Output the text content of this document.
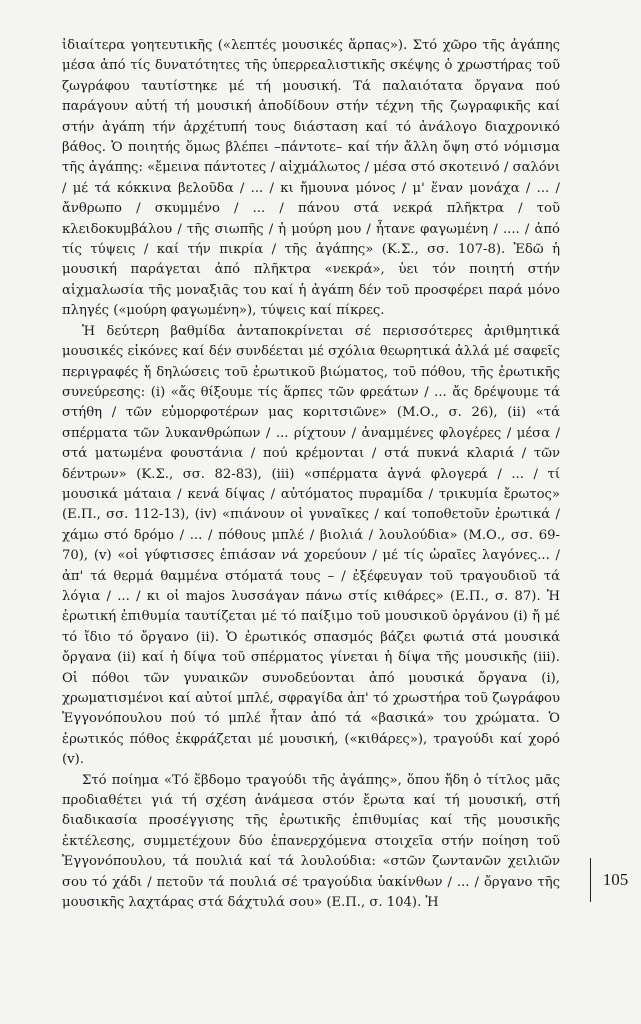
ἰδιαίτερα γοητευτικῆς («λεπτές μουσικές ἅρπας»). Στό χῶρο τῆς ἀγάπης μέσα ἀπό τίς δυνατότητες τῆς ὑπερρεαλιστικῆς σκέψης ὁ χρωστήρας τοῦ ζωγράφου ταυτίστηκε μέ τή μουσική. Τά παλαιότατα ὄργανα πού παράγουν αὐτή τή μουσική ἀποδίδουν στήν τέχνη τῆς ζωγραφικῆς καί στήν ἀγάπη τήν ἀρχέτυπή τους διάσταση καί τό ἀνάλογο διαχρονικό βάθος. Ὁ ποιητής ὅμως βλέπει –πάντοτε– καί τήν ἄλλη ὄψη στό νόμισμα τῆς ἀγάπης: «ἔμεινα πάντοτες / αἰχμάλωτος / μέσα στό σκοτεινό / σαλόνι / μέ τά κόκκινα βελοῦδα / ... / κι ἤμουνα μόνος / μ' ἕναν μονάχα / ... / ἄνθρωπο / σκυμμένο / ... / πάνου στά νεκρά πλῆκτρα / τοῦ κλειδοκυμβάλου / τῆς σιωπῆς / ἡ μούρη μου / ἦτανε φαγωμένη / .... / ἀπό τίς τύψεις / καί τήν πικρία / τῆς ἀγάπης» (Κ.Σ., σσ. 107-8). Ἐδῶ ἡ μουσική παράγεται ἀπό πλῆκτρα «νεκρά», ὑει τόν ποιητή στήν αἰχμαλωσία τῆς μοναξιᾶς του καί ἡ ἀγάπη δέν τοῦ προσφέρει παρά μόνο πληγές («μούρη φαγωμένη»), τύψεις καί πίκρες.

Ἡ δεύτερη βαθμίδα ἀνταποκρίνεται σέ περισσότερες ἀριθμητικά μουσικές εἰκόνες καί δέν συνδέεται μέ σχόλια θεωρητικά ἀλλά μέ σαφεῖς περιγραφές ἤ δηλώσεις τοῦ ἐρωτικοῦ βιώματος, τοῦ πόθου, τῆς ἐρωτικῆς συνεύρεσης: (i) «ἄς θίξουμε τίς ἅρπες τῶν φρεάτων / ... ἄς δρέψουμε τά στήθη / τῶν εὐμορφοτέρων μας κοριτσιῶνε» (Μ.Ο., σ. 26), (ii) «τά σπέρματα τῶν λυκανθρώπων / ... ρίχτουν / ἀναμμένες φλογέρες / μέσα / στά ματωμένα φουστάνια / πού κρέμονται / στά πυκνά κλαριά / τῶν δέντρων» (Κ.Σ., σσ. 82-83), (iii) «σπέρματα ἁγνά φλογερά / ... / τί μουσικά μάταια / κενά δίψας / αὐτόματος πυραμίδα / τρικυμία ἔρωτος» (Ε.Π., σσ. 112-13), (iv) «πιάνουν οἱ γυναῖκες / καί τοποθετοῦν ἐρωτικά / χάμω στό δρόμο / ... / πόθους μπλέ / βιολιά / λουλούδια» (Μ.Ο., σσ. 69-70), (v) «οἱ γύφτισσες ἐπιάσαν νά χορεύουν / μέ τίς ὡραῖες λαγόνες... / ἀπ' τά θερμά θαμμένα στόματά τους – / ἐξέφευγαν τοῦ τραγουδιοῦ τά λόγια / ... / κι οἱ majos λυσσάγαν πάνω στίς κιθάρες» (Ε.Π., σ. 87). Ἡ ἐρωτική ἐπιθυμία ταυτίζεται μέ τό παίξιμο τοῦ μουσικοῦ ὀργάνου (i) ἤ μέ τό ἴδιο τό ὄργανο (ii). Ὁ ἐρωτικός σπασμός βάζει φωτιά στά μουσικά ὄργανα (ii) καί ἡ δίψα τοῦ σπέρματος γίνεται ἡ δίψα τῆς μουσικῆς (iii). Οἱ πόθοι τῶν γυναικῶν συνοδεύονται ἀπό μουσικά ὄργανα (i), χρωματισμένοι καί αὐτοί μπλέ, σφραγίδα ἀπ' τό χρωστήρα τοῦ ζωγράφου Ἐγγονόπουλου πού τό μπλέ ἦταν ἀπό τά «βασικά» του χρώματα. Ὁ ἐρωτικός πόθος ἐκφράζεται μέ μουσική, («κιθάρες»), τραγούδι καί χορό (v).

Στό ποίημα «Τό ἕβδομο τραγούδι τῆς ἀγάπης», ὅπου ἤδη ὁ τίτλος μᾶς προδιαθέτει γιά τή σχέση ἀνάμεσα στόν ἔρωτα καί τή μουσική, στή διαδικασία προσέγγισης τῆς ἐρωτικῆς ἐπιθυμίας καί τῆς μουσικῆς ἐκτέλεσης, συμμετέχουν δύο ἐπανερχόμενα στοιχεῖα στήν ποίηση τοῦ Ἐγγονόπουλου, τά πουλιά καί τά λουλούδια: «στῶν ζωντανῶν χειλιῶν σου τό χάδι / πετοῦν τά πουλιά σέ τραγούδια ὑακίνθων / ... / ὄργανο τῆς μουσικῆς λαχτάρας στά δάχτυλά σου» (Ε.Π., σ. 104). Ἡ

105
